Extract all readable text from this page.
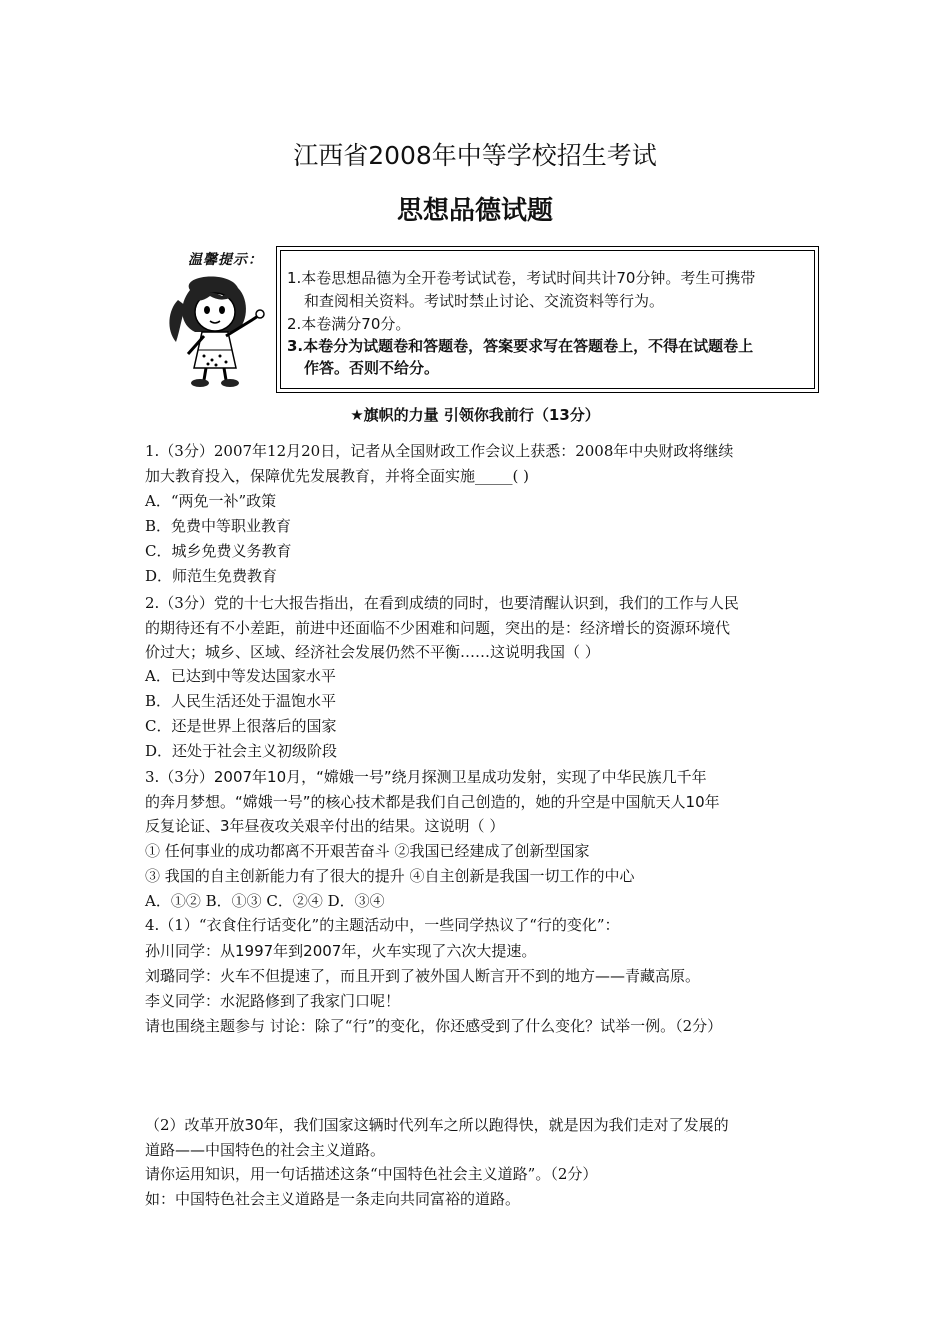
江西省2008年中等学校招生考试
思想品德试题
温馨提示：
1.本卷思想品德为全开卷考试试卷，考试时间共计70分钟。考生可携带
和查阅相关资料。考试时禁止讨论、交流资料等行为。
2.本卷满分70分。
3.本卷分为试题卷和答题卷，答案要求写在答题卷上，不得在试题卷上
作答。否则不给分。
★旗帜的力量 引领你我前行（13分）
1.（3分）2007年12月20日，记者从全国财政工作会议上获悉：2008年中央财政将继续
加大教育投入，保障优先发展教育，并将全面实施_____( )
A．“两免一补”政策
B．免费中等职业教育
C．城乡免费义务教育
D．师范生免费教育
2.（3分）党的十七大报告指出，在看到成绩的同时，也要清醒认识到，我们的工作与人民
的期待还有不小差距，前进中还面临不少困难和问题，突出的是：经济增长的资源环境代
价过大；城乡、区域、经济社会发展仍然不平衡……这说明我国（ ）
A．已达到中等发达国家水平
B．人民生活还处于温饱水平
C．还是世界上很落后的国家
D．还处于社会主义初级阶段
3.（3分）2007年10月，“嫦娥一号”绕月探测卫星成功发射，实现了中华民族几千年
的奔月梦想。“嫦娥一号”的核心技术都是我们自己创造的，她的升空是中国航天人10年
反复论证、3年昼夜攻关艰辛付出的结果。这说明（ ）
① 任何事业的成功都离不开艰苦奋斗 ②我国已经建成了创新型国家
③ 我国的自主创新能力有了很大的提升 ④自主创新是我国一切工作的中心
A．①② B．①③ C．②④ D．③④
4.（1）“衣食住行话变化”的主题活动中，一些同学热议了“行的变化”：
孙川同学：从1997年到2007年，火车实现了六次大提速。
刘璐同学：火车不但提速了，而且开到了被外国人断言开不到的地方——青藏高原。
李义同学：水泥路修到了我家门口呢！
请也围绕主题参与 讨论：除了“行”的变化，你还感受到了什么变化？试举一例。（2分）
（2）改革开放30年，我们国家这辆时代列车之所以跑得快，就是因为我们走对了发展的
道路——中国特色的社会主义道路。
请你运用知识，用一句话描述这条“中国特色社会主义道路”。（2分）
如：中国特色社会主义道路是一条走向共同富裕的道路。
